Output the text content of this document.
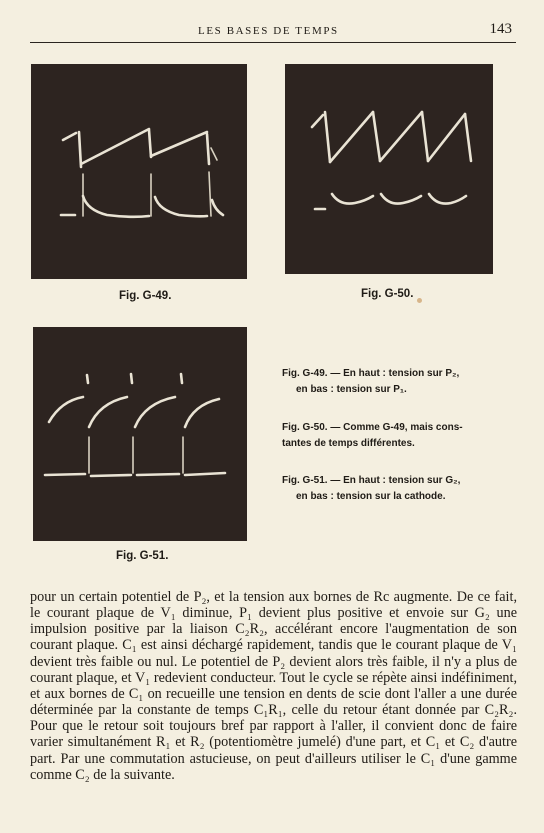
LES BASES DE TEMPS	143
Fig. G-49.	Fig. G-50.
Fig. G-51.
Fig. G-49. — En haut : tension sur P₂,
en bas : tension sur P₁.
Fig. G-50. — Comme G-49, mais cons-
tantes de temps différentes.
Fig. G-51. — En haut : tension sur G₂,
en bas : tension sur la cathode.

pour un certain potentiel de P₂, et la tension aux bornes de Rc augmente. De ce fait, le courant plaque de V₁ diminue, P₁ devient plus positive et envoie sur G₂ une impulsion positive par la liaison C₂R₂, accélérant encore l'augmentation de son courant plaque. C₁ est ainsi déchargé rapidement, tandis que le courant plaque de V₁ devient très faible ou nul. Le potentiel de P₂ devient alors très faible, il n'y a plus de courant plaque, et V₁ redevient conducteur. Tout le cycle se répète ainsi indéfiniment, et aux bornes de C₁ on recueille une tension en dents de scie dont l'aller a une durée déterminée par la constante de temps C₁R₁, celle du retour étant donnée par C₂R₂. Pour que le retour soit toujours bref par rapport à l'aller, il convient donc de faire varier simultanément R₁ et R₂ (potentiomètre jumelé) d'une part, et C₁ et C₂ d'autre part. Par une commutation astucieuse, on peut d'ailleurs utiliser le C₁ d'une gamme comme C₂ de la suivante.
